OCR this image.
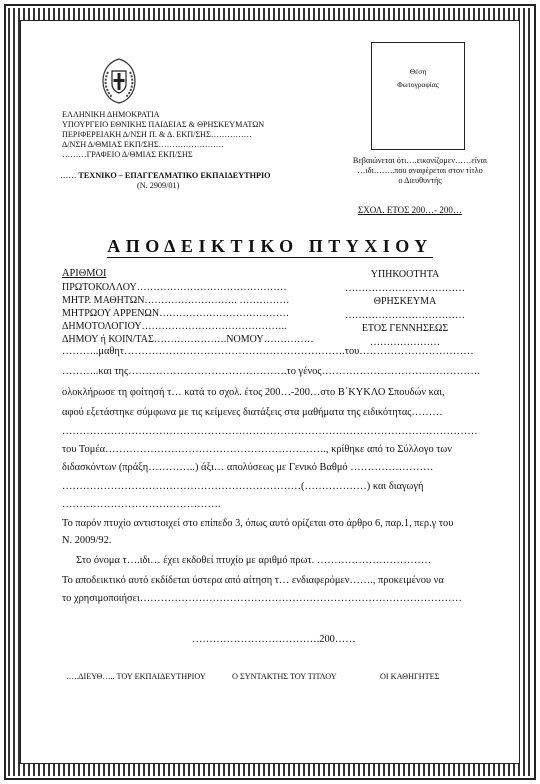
ΕΛΛΗΝΙΚΗ ΔΗΜΟΚΡΑΤΙΑ
ΥΠΟΥΡΓΕΙΟ ΕΘΝΙΚΗΣ ΠΑΙΔΕΙΑΣ & ΘΡΗΣΚΕΥΜΑΤΩΝ
ΠΕΡΙΦΕΡΕΙΑΚΗ Δ/ΝΣΗ Π. & Δ. ΕΚΠ/ΣΗΣ……………
Δ/ΝΣΗ Δ/ΘΜΙΑΣ ΕΚΠ/ΣΗΣ……………………
………ΓΡΑΦΕΙΟ Δ/ΘΜΙΑΣ ΕΚΠ/ΣΗΣ
…… ΤΕΧΝΙΚΟ – ΕΠΑΓΓΕΛΜΑΤΙΚΟ ΕΚΠΑΙΔΕΥΤΗΡΙΟ
(Ν. 2909/01)
Θέση
Φωτογραφίας
Βεβαιώνεται ότι….εικονίζομεν……είναι
…ιδι……..που αναφέρεται στον τίτλο
ο Διευθυντής
ΣΧΟΛ. ΕΤΟΣ 200…- 200…
ΑΠΟΔΕΙΚΤΙΚΟ ΠΤΥΧΙΟΥ
ΑΡΙΘΜΟΙ
ΠΡΩΤΟΚΟΛΛΟΥ………………………………………
ΜΗΤΡ. ΜΑΘΗΤΩΝ………………………. ……………
ΜΗΤΡΩΟΥ ΑΡΡΕΝΩΝ…………………………………
ΔΗΜΟΤΟΛΟΓΙΟΥ……………………………………..
ΔΗΜΟΥ ή ΚΟΙΝ/ΤΑΣ………………….ΝΟΜΟΥ……………
ΥΠΗΚΟΟΤΗΤΑ
………………………………
ΘΡΗΣΚΕΥΜΑ
………………………………
ΕΤΟΣ ΓΕΝΝΗΣΕΩΣ
…………………
………..μαθητ……………………………………………………….του……………………………
………..και της……………………………………….το γένος……………………………………….
ολοκλήρωσε τη φοίτησή τ… κατά το σχολ. έτος 200…-200…στο Β΄ΚΥΚΛΟ Σπουδών και,
αφού εξετάστηκε σύμφωνα με τις κείμενες διατάξεις στα μαθήματα της ειδικότητας………
…………………………………………………………………………………………………………
του Τομέα………………………………………………………., κρίθηκε από το Σύλλογο των
διδασκόντων (πράξη…………..) άξι… απολύσεως με Γενικό Βαθμό ……………………
……………………………………………………………(………………) και διαγωγή
……………………………………….
Το παρόν πτυχίο αντιστοιχεί στο επίπεδο 3, όπως αυτό ορίζεται στο άρθρο 6, παρ.1, περ.γ του
Ν. 2009/92.
Στο όνομα τ….ιδι… έχει εκδοθεί πτυχίο με αριθμό πρωτ. ……………………………
Το αποδεικτικό αυτό εκδίδεται ύστερα από αίτηση τ… ενδιαφερόμεν……., προκειμένου να
το χρησιμοποιήσει…………………………………………………………………………………
……………………………….200……
…..ΔΙΕΥΘ….. ΤΟΥ ΕΚΠΑΙΔΕΥΤΗΡΙΟΥ	Ο ΣΥΝΤΑΚΤΗΣ ΤΟΥ ΤΙΤΛΟΥ	ΟΙ ΚΑΘΗΓΗΤΕΣ
